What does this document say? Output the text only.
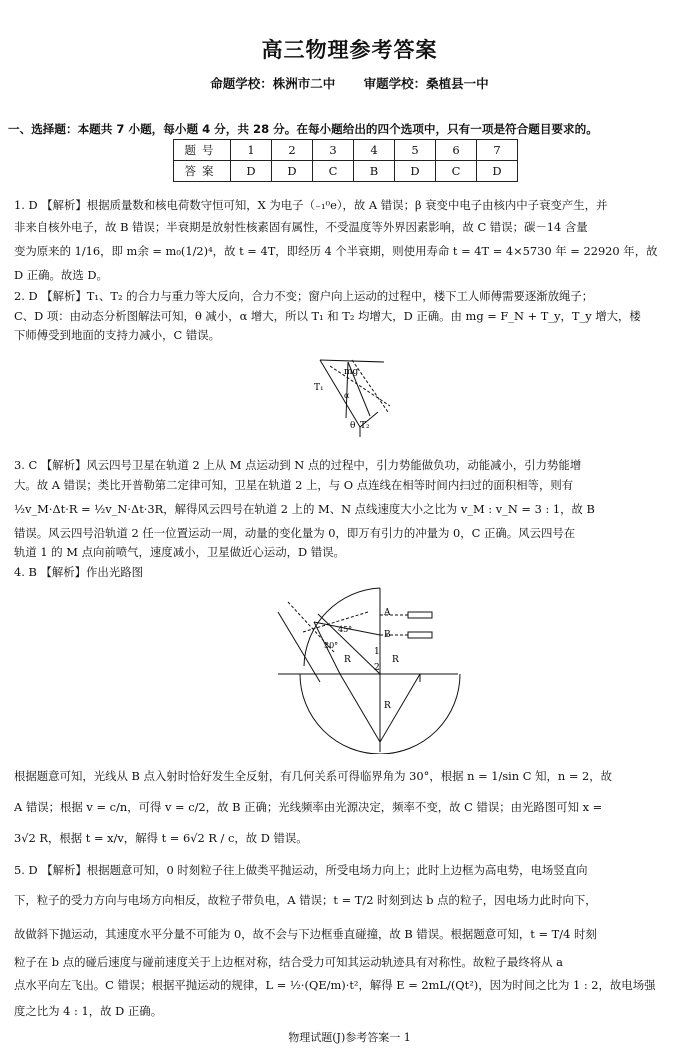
高三物理参考答案
命题学校：株洲市二中 审题学校：桑植县一中
一、选择题：本题共 7 小题，每小题 4 分，共 28 分。在每小题给出的四个选项中，只有一项是符合题目要求的。
题号	1	2	3	4	5	6	7
答案	D	D	C	B	D	C	D
1. D 【解析】根据质量数和核电荷数守恒可知，X 为电子（₋₁⁰e），故 A 错误；β 衰变中电子由核内中子衰变产生，并
非来自核外电子，故 B 错误；半衰期是放射性核素固有属性，不受温度等外界因素影响，故 C 错误；碳－14 含量
变为原来的 1/16，即 m余 = m₀(1/2)⁴，故 t = 4T，即经历 4 个半衰期，则使用寿命 t = 4T = 4×5730 年 = 22920 年，故
D 正确。故选 D。
2. D 【解析】T₁、T₂ 的合力与重力等大反向，合力不变；窗户向上运动的过程中，楼下工人师傅需要逐渐放绳子；
C、D 项：由动态分析图解法可知，θ 减小，α 增大，所以 T₁ 和 T₂ 均增大，D 正确。由 mg = F_N + T_y，T_y 增大，楼
下师傅受到地面的支持力减小，C 错误。
mg
T₁
T₂
θ
α
3. C 【解析】风云四号卫星在轨道 2 上从 M 点运动到 N 点的过程中，引力势能做负功，动能减小，引力势能增
大。故 A 错误；类比开普勒第二定律可知，卫星在轨道 2 上，与 O 点连线在相等时间内扫过的面积相等，则有
½v_M·Δt·R = ½v_N·Δt·3R，解得风云四号在轨道 2 上的 M、N 点线速度大小之比为 v_M : v_N = 3 : 1，故 B
错误。风云四号沿轨道 2 任一位置运动一周，动量的变化量为 0，即万有引力的冲量为 0，C 正确。风云四号在
轨道 1 的 M 点向前喷气，速度减小，卫星做近心运动，D 错误。
4. B 【解析】作出光路图
A
B
45°
30°
R	R
R
1
2
根据题意可知，光线从 B 点入射时恰好发生全反射，有几何关系可得临界角为 30°，根据 n = 1/sin C 知，n = 2，故
A 错误；根据 v = c/n，可得 v = c/2，故 B 正确；光线频率由光源决定，频率不变，故 C 错误；由光路图可知 x =
3√2 R，根据 t = x/v，解得 t = 6√2 R / c，故 D 错误。
5. D 【解析】根据题意可知，0 时刻粒子往上做类平抛运动，所受电场力向上；此时上边框为高电势，电场竖直向
下，粒子的受力方向与电场方向相反，故粒子带负电，A 错误；t = T/2 时刻到达 b 点的粒子，因电场力此时向下，
故做斜下抛运动，其速度水平分量不可能为 0，故不会与下边框垂直碰撞，故 B 错误。根据题意可知，t = T/4 时刻
粒子在 b 点的碰后速度与碰前速度关于上边框对称，结合受力可知其运动轨迹具有对称性。故粒子最终将从 a
点水平向左飞出。C 错误；根据平抛运动的规律，L = ½·(QE/m)·t²，解得 E = 2mL/(Qt²)，因为时间之比为 1 : 2，故电场强
度之比为 4 : 1，故 D 正确。
物理试题(J)参考答案一 1
